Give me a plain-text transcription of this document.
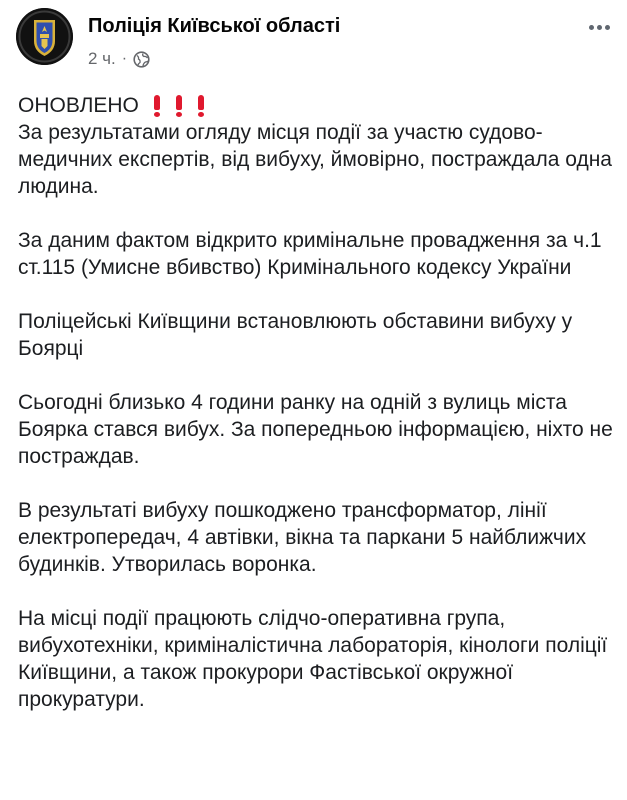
Поліція Київської області
2 ч. ·

ОНОВЛЕНО

За результатами огляду місця події за участю судово-медичних експертів, від вибуху, ймовірно, постраждала одна людина.

За даним фактом відкрито кримінальне провадження за ч.1 ст.115 (Умисне вбивство) Кримінального кодексу України

Поліцейські Київщини встановлюють обставини вибуху у Боярці

Сьогодні близько 4 години ранку на одній з вулиць міста Боярка стався вибух. За попередньою інформацією, ніхто не постраждав.

В результаті вибуху пошкоджено трансформатор, лінії електропередач, 4 автівки, вікна та паркани 5 найближчих будинків. Утворилась воронка.

На місці події працюють слідчо-оперативна група, вибухотехніки, криміналістична лабораторія, кінологи поліції Київщини, а також прокурори Фастівської окружної прокуратури.
